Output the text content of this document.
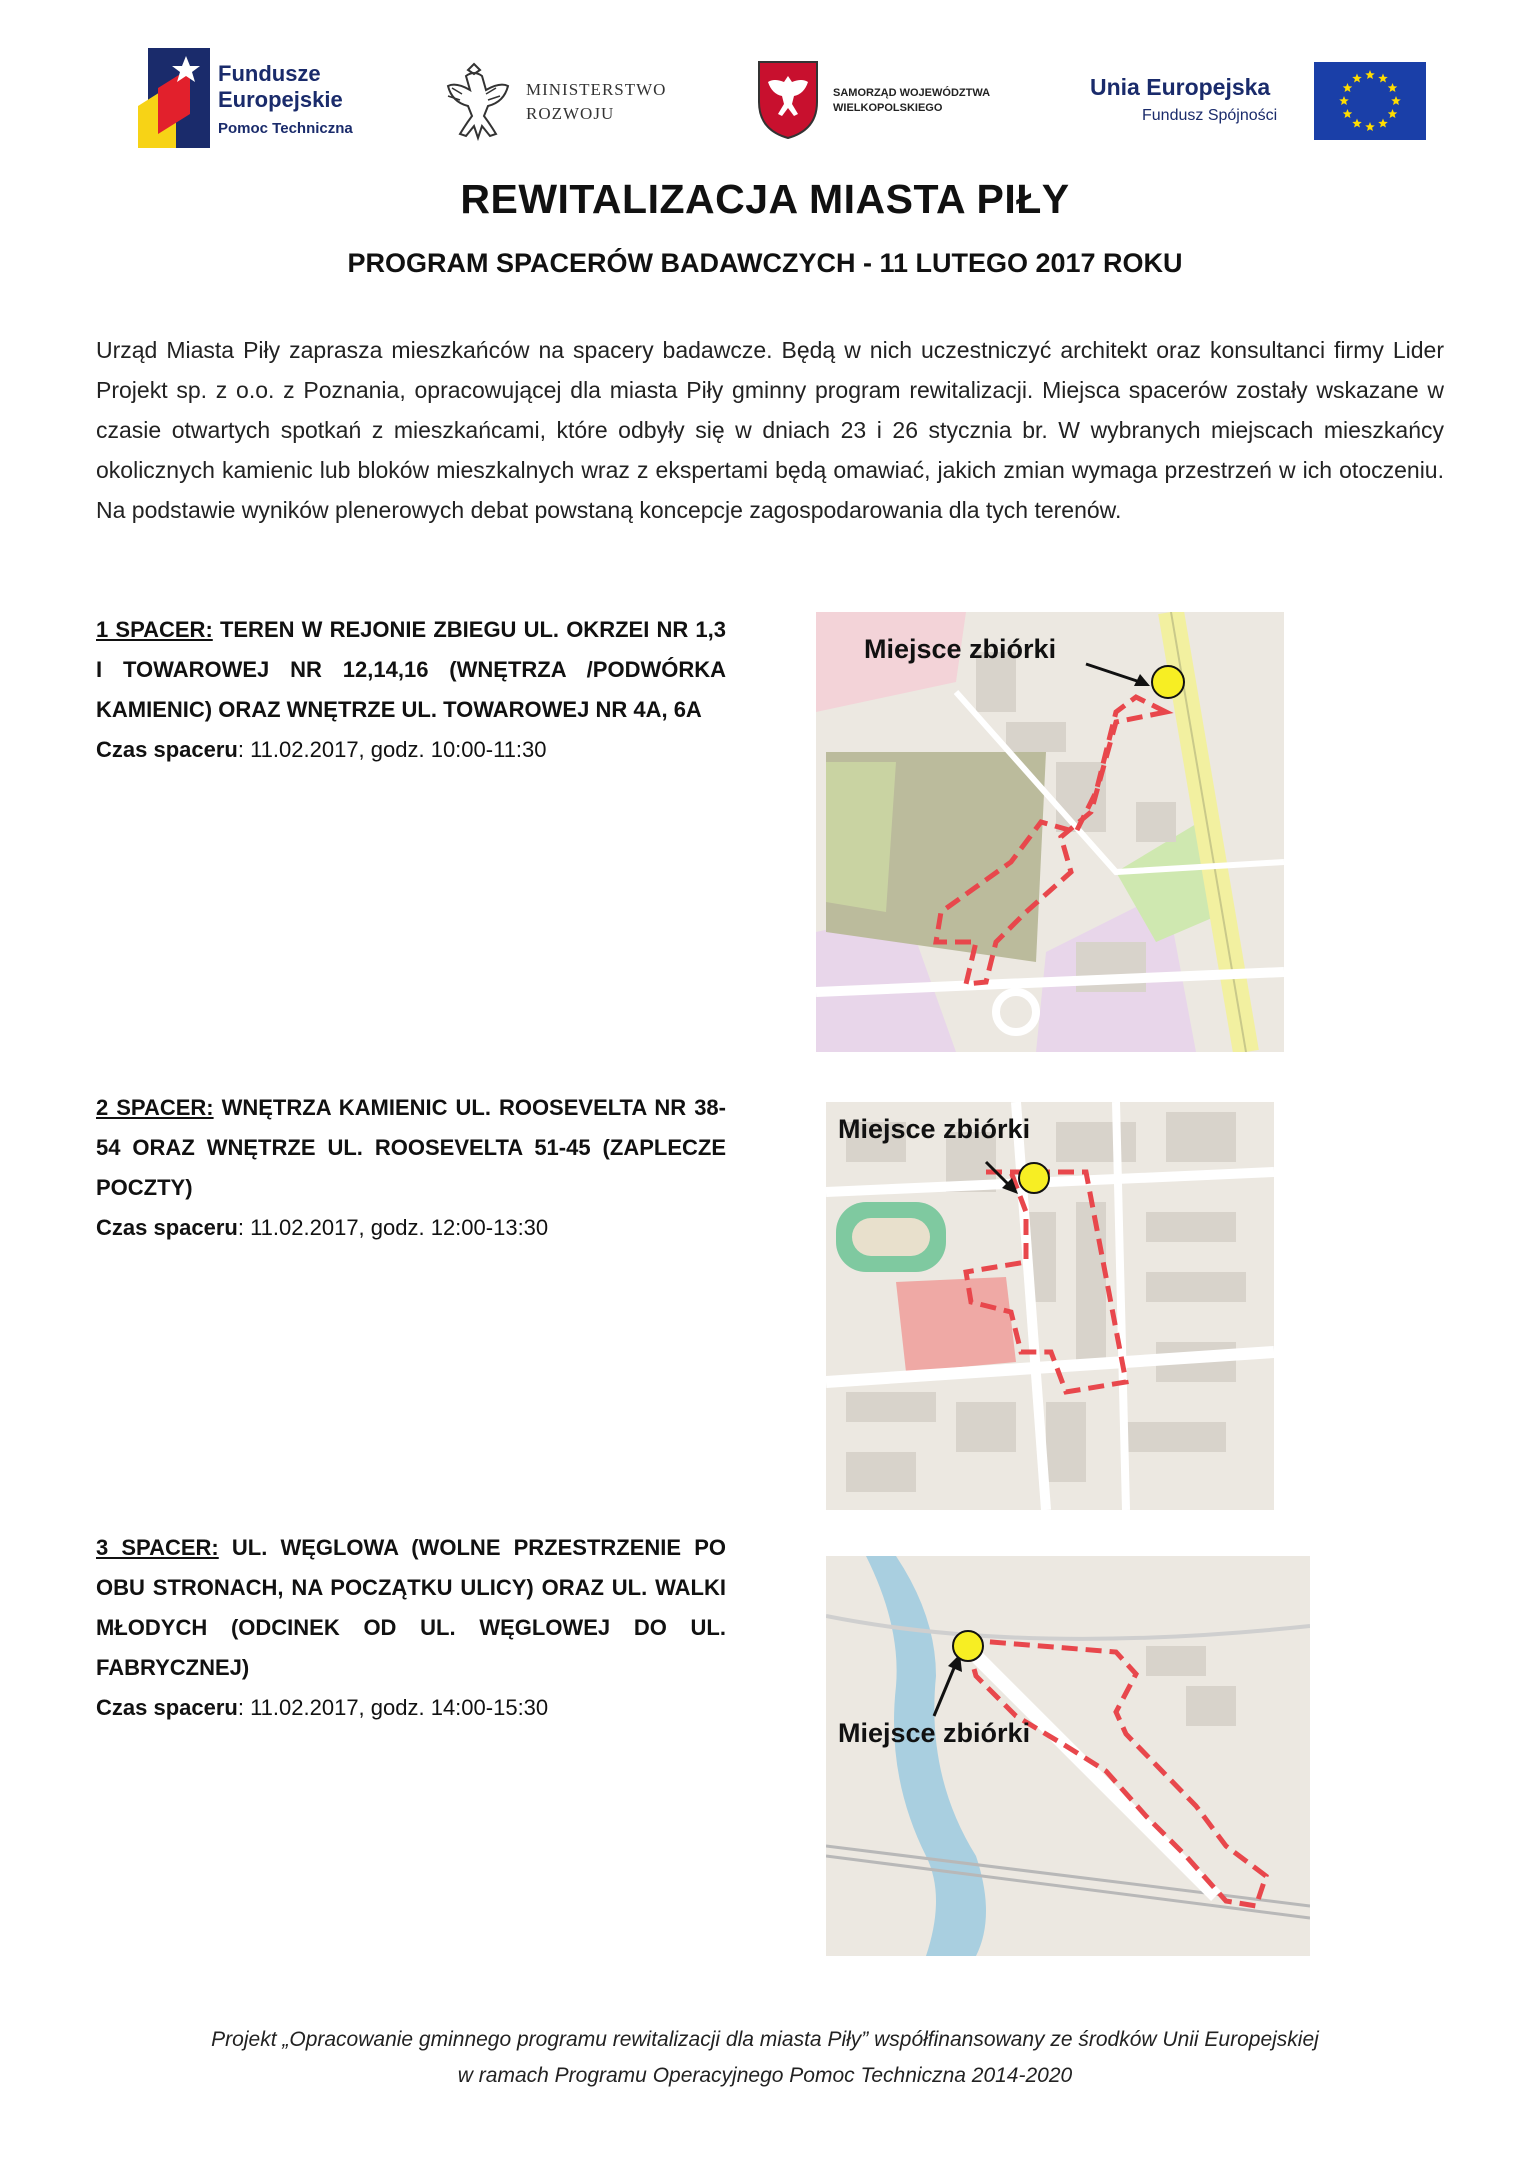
Fundusze
Europejskie
Pomoc Techniczna
MINISTERSTWO
ROZWOJU
SAMORZĄD WOJEWÓDZTWA
WIELKOPOLSKIEGO
Unia Europejska
Fundusz Spójności
REWITALIZACJA MIASTA PIŁY
PROGRAM SPACERÓW BADAWCZYCH - 11 LUTEGO 2017 ROKU
Urząd Miasta Piły zaprasza mieszkańców na spacery badawcze. Będą w nich uczestniczyć architekt oraz konsultanci firmy Lider Projekt sp. z o.o. z Poznania, opracowującej dla miasta Piły gminny program rewitalizacji. Miejsca spacerów zostały wskazane w czasie otwartych spotkań z mieszkańcami, które odbyły się w dniach 23 i 26 stycznia br. W wybranych miejscach mieszkańcy okolicznych kamienic lub bloków mieszkalnych wraz z ekspertami będą omawiać, jakich zmian wymaga przestrzeń w ich otoczeniu. Na podstawie wyników plenerowych debat powstaną koncepcje zagospodarowania dla tych terenów.
1 SPACER: TEREN W REJONIE ZBIEGU UL. OKRZEI NR 1,3 I TOWAROWEJ NR 12,14,16 (WNĘTRZA /PODWÓRKA KAMIENIC) ORAZ WNĘTRZE UL. TOWAROWEJ NR 4A, 6A
Czas spaceru: 11.02.2017, godz. 10:00-11:30
Miejsce zbiórki
2 SPACER: WNĘTRZA KAMIENIC UL. ROOSEVELTA NR 38-54 ORAZ WNĘTRZE UL. ROOSEVELTA 51-45 (ZAPLECZE POCZTY)
Czas spaceru: 11.02.2017, godz. 12:00-13:30
Miejsce zbiórki
3 SPACER: UL. WĘGLOWA (WOLNE PRZESTRZENIE PO OBU STRONACH, NA POCZĄTKU ULICY) ORAZ UL. WALKI MŁODYCH (ODCINEK OD UL. WĘGLOWEJ DO UL. FABRYCZNEJ)
Czas spaceru: 11.02.2017, godz. 14:00-15:30
Miejsce zbiórki
Projekt „Opracowanie gminnego programu rewitalizacji dla miasta Piły” współfinansowany ze środków Unii Europejskiej
w ramach Programu Operacyjnego Pomoc Techniczna 2014-2020
